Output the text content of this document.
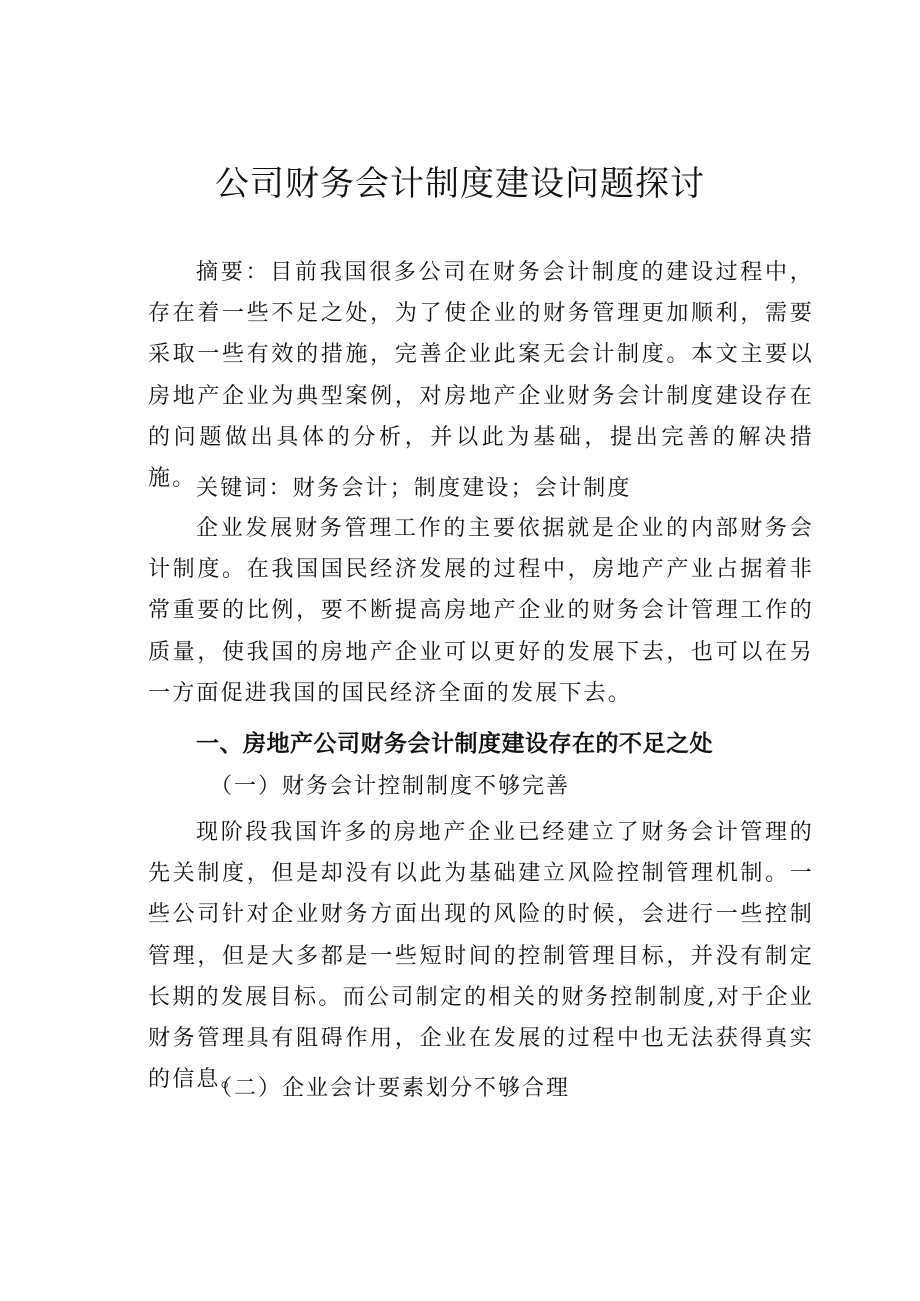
公司财务会计制度建设问题探讨

摘要：目前我国很多公司在财务会计制度的建设过程中，存在着一些不足之处，为了使企业的财务管理更加顺利，需要采取一些有效的措施，完善企业此案无会计制度。本文主要以房地产企业为典型案例，对房地产企业财务会计制度建设存在的问题做出具体的分析，并以此为基础，提出完善的解决措施。 关键词：财务会计；制度建设；会计制度

企业发展财务管理工作的主要依据就是企业的内部财务会计制度。在我国国民经济发展的过程中，房地产产业占据着非常重要的比例，要不断提高房地产企业的财务会计管理工作的质量，使我国的房地产企业可以更好的发展下去，也可以在另一方面促进我国的国民经济全面的发展下去。

一、房地产公司财务会计制度建设存在的不足之处
（一）财务会计控制制度不够完善

现阶段我国许多的房地产企业已经建立了财务会计管理的先关制度，但是却没有以此为基础建立风险控制管理机制。一些公司针对企业财务方面出现的风险的时候，会进行一些控制管理，但是大多都是一些短时间的控制管理目标，并没有制定长期的发展目标。而公司制定的相关的财务控制制度,对于企业财务管理具有阻碍作用，企业在发展的过程中也无法获得真实的信息。

（二）企业会计要素划分不够合理
